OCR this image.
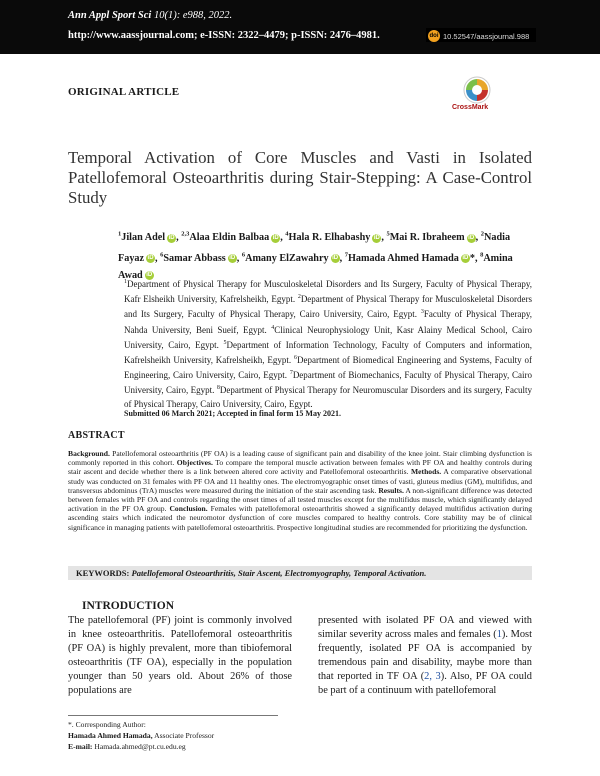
Ann Appl Sport Sci 10(1): e988, 2022.
http://www.aassjournal.com; e-ISSN: 2322–4479; p-ISSN: 2476–4981.	doi 10.52547/aassjournal.988
ORIGINAL ARTICLE
CrossMark
Temporal Activation of Core Muscles and Vasti in Isolated Patellofemoral Osteoarthritis during Stair-Stepping: A Case-Control Study
$^1$Jilan Adel iD , $^{2,3}$Alaa Eldin Balbaa iD , $^4$Hala R. Elhabashy iD , $^5$Mai R. Ibraheem iD , $^2$Nadia Fayaz iD , $^6$Samar Abbass iD , $^6$Amany ElZawahry iD , $^7$Hamada Ahmed Hamada iD *, $^8$Amina Awad iD
$^1$Department of Physical Therapy for Musculoskeletal Disorders and Its Surgery, Faculty of Physical Therapy, Kafr Elsheikh University, Kafrelsheikh, Egypt. $^2$Department of Physical Therapy for Musculoskeletal Disorders and Its Surgery, Faculty of Physical Therapy, Cairo University, Cairo, Egypt. $^3$Faculty of Physical Therapy, Nahda University, Beni Sueif, Egypt. $^4$Clinical Neurophysiology Unit, Kasr Alainy Medical School, Cairo University, Cairo, Egypt. $^5$Department of Information Technology, Faculty of Computers and information, Kafrelsheikh University, Kafrelsheikh, Egypt. $^6$Department of Biomedical Engineering and Systems, Faculty of Engineering, Cairo University, Cairo, Egypt. $^7$Department of Biomechanics, Faculty of Physical Therapy, Cairo University, Cairo, Egypt. $^8$Department of Physical Therapy for Neuromuscular Disorders and its surgery, Faculty of Physical Therapy, Cairo University, Cairo, Egypt.
Submitted 06 March 2021; Accepted in final form 15 May 2021.
ABSTRACT
Background. Patellofemoral osteoarthritis (PF OA) is a leading cause of significant pain and disability of the knee joint. Stair climbing dysfunction is commonly reported in this cohort. Objectives. To compare the temporal muscle activation between females with PF OA and healthy controls during stair ascent and decide whether there is a link between altered core activity and Patellofemoral osteoarthritis. Methods. A comparative observational study was conducted on 31 females with PF OA and 11 healthy ones. The electromyographic onset times of vasti, gluteus medius (GM), multifidus, and transversus abdominus (TrA) muscles were measured during the initiation of the stair ascending task. Results. A non-significant difference was detected between females with PF OA and controls regarding the onset times of all tested muscles except for the multifidus muscle, which significantly delayed activation in the PF OA group. Conclusion. Females with patellofemoral osteoarthritis showed a significantly delayed multifidus activation during ascending stairs which indicated the neuromotor dysfunction of core muscles compared to healthy controls. Core stability may be of clinical significance in managing patients with patellofemoral osteoarthritis. Prospective longitudinal studies are recommended for prioritizing the dysfunction.
KEYWORDS: Patellofemoral Osteoarthritis, Stair Ascent, Electromyography, Temporal Activation.
INTRODUCTION
The patellofemoral (PF) joint is commonly involved in knee osteoarthritis. Patellofemoral osteoarthritis (PF OA) is highly prevalent, more than tibiofemoral osteoarthritis (TF OA), especially in the population younger than 50 years old. About 26% of those populations are
presented with isolated PF OA and viewed with similar severity across males and females (1). Most frequently, isolated PF OA is accompanied by tremendous pain and disability, maybe more than that reported in TF OA (2, 3). Also, PF OA could be part of a continuum with patellofemoral
*. Corresponding Author:
Hamada Ahmed Hamada, Associate Professor
E-mail: Hamada.ahmed@pt.cu.edu.eg
